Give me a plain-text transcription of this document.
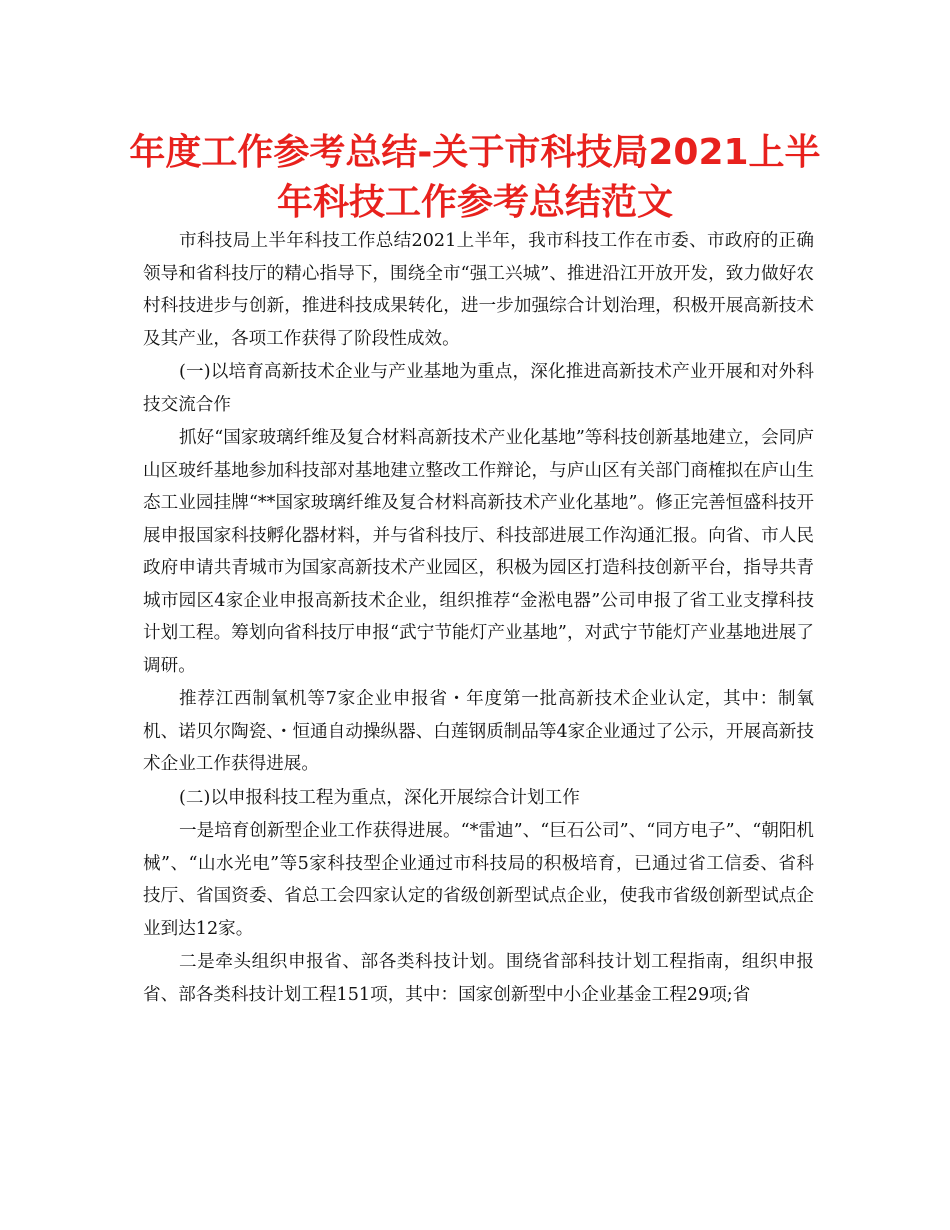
年度工作参考总结-关于市科技局2021上半年科技工作参考总结范文

市科技局上半年科技工作总结2021上半年，我市科技工作在市委、市政府的正确领导和省科技厅的精心指导下，围绕全市“强工兴城”、推进沿江开放开发，致力做好农村科技进步与创新，推进科技成果转化，进一步加强综合计划治理，积极开展高新技术及其产业，各项工作获得了阶段性成效。

(一)以培育高新技术企业与产业基地为重点，深化推进高新技术产业开展和对外科技交流合作

抓好“国家玻璃纤维及复合材料高新技术产业化基地”等科技创新基地建立，会同庐山区玻纤基地参加科技部对基地建立整改工作辩论，与庐山区有关部门商榷拟在庐山生态工业园挂牌“**国家玻璃纤维及复合材料高新技术产业化基地”。修正完善恒盛科技开展申报国家科技孵化器材料，并与省科技厅、科技部进展工作沟通汇报。向省、市人民政府申请共青城市为国家高新技术产业园区，积极为园区打造科技创新平台，指导共青城市园区4家企业申报高新技术企业，组织推荐“金淞电器”公司申报了省工业支撑科技计划工程。筹划向省科技厅申报“武宁节能灯产业基地”，对武宁节能灯产业基地进展了调研。

推荐江西制氧机等7家企业申报省・年度第一批高新技术企业认定，其中：制氧机、诺贝尔陶瓷、・恒通自动操纵器、白莲钢质制品等4家企业通过了公示，开展高新技术企业工作获得进展。

(二)以申报科技工程为重点，深化开展综合计划工作

一是培育创新型企业工作获得进展。“*雷迪”、“巨石公司”、“同方电子”、“朝阳机械”、“山水光电”等5家科技型企业通过市科技局的积极培育，已通过省工信委、省科技厅、省国资委、省总工会四家认定的省级创新型试点企业，使我市省级创新型试点企业到达12家。

二是牵头组织申报省、部各类科技计划。围绕省部科技计划工程指南，组织申报省、部各类科技计划工程151项，其中：国家创新型中小企业基金工程29项;省
